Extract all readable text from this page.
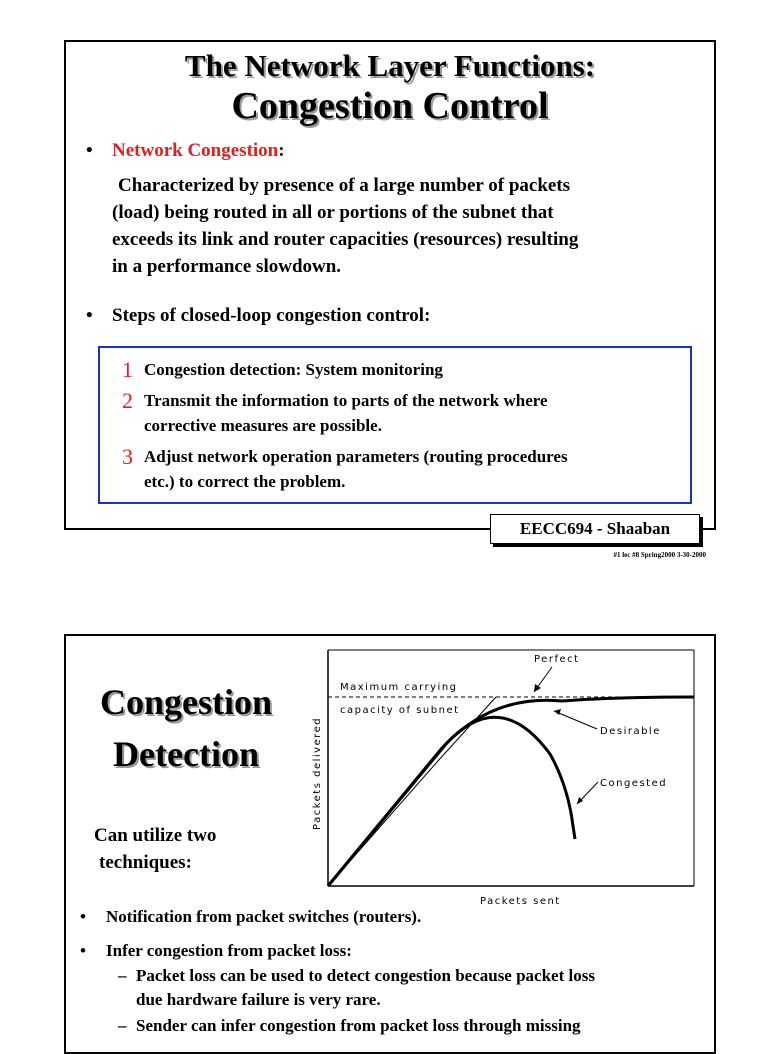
The Network Layer Functions:
Congestion Control
• Network Congestion:
Characterized by presence of a large number of packets
(load) being routed in all or portions of the subnet that
exceeds its link and router capacities (resources) resulting
in a performance slowdown.
• Steps of closed-loop congestion control:
1 Congestion detection: System monitoring
2 Transmit the information to parts of the network where
corrective measures are possible.
3 Adjust network operation parameters (routing procedures
etc.) to correct the problem.
EECC694 - Shaaban
#1 lec #8 Spring2000 3-30-2000
Congestion
Detection
Can utilize two
techniques:
Maximum carrying
capacity of subnet
Perfect
Desirable
Congested
Packets sent
Packets delivered
• Notification from packet switches (routers).
• Infer congestion from packet loss:
– Packet loss can be used to detect congestion because packet loss
due hardware failure is very rare.
– Sender can infer congestion from packet loss through missing
